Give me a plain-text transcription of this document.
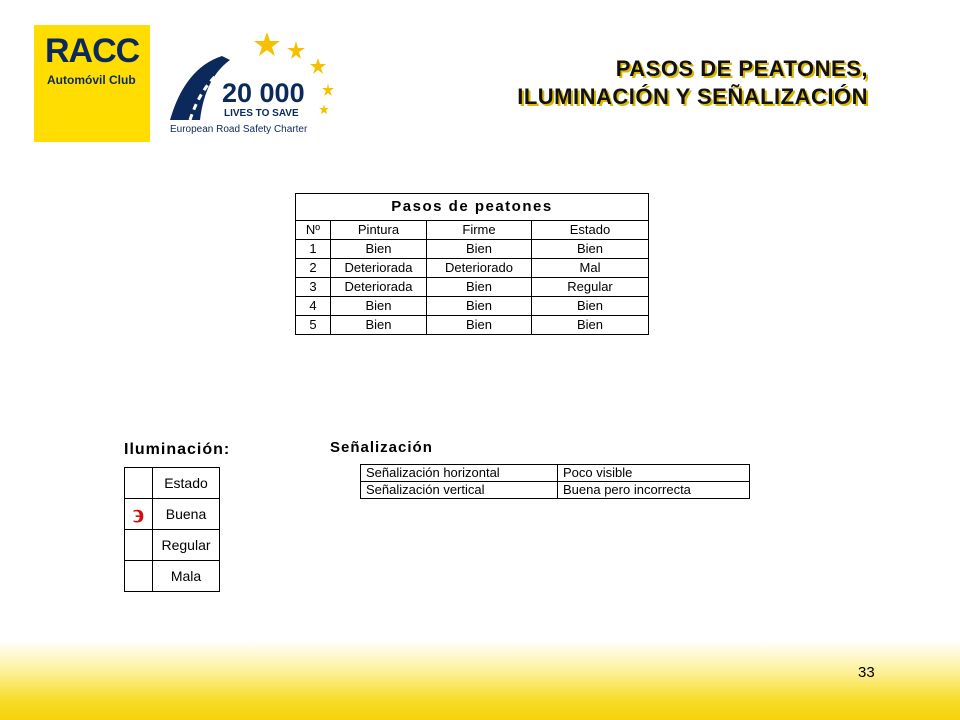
RACC
Automóvil Club	20 000
LIVES TO SAVE
European Road Safety Charter
PASOS DE PEATONES,
ILUMINACIÓN Y SEÑALIZACIÓN
Pasos de peatones			
Nº	Pintura	Firme	Estado
1	Bien	Bien	Bien
2	Deteriorada	Deteriorado	Mal
3	Deteriorada	Bien	Regular
4	Bien	Bien	Bien
5	Bien	Bien	Bien
Iluminación:
	Estado
϶	Buena
	Regular
	Mala
Señalización
Señalización horizontal	Poco visible
Señalización vertical	Buena pero incorrecta
33
